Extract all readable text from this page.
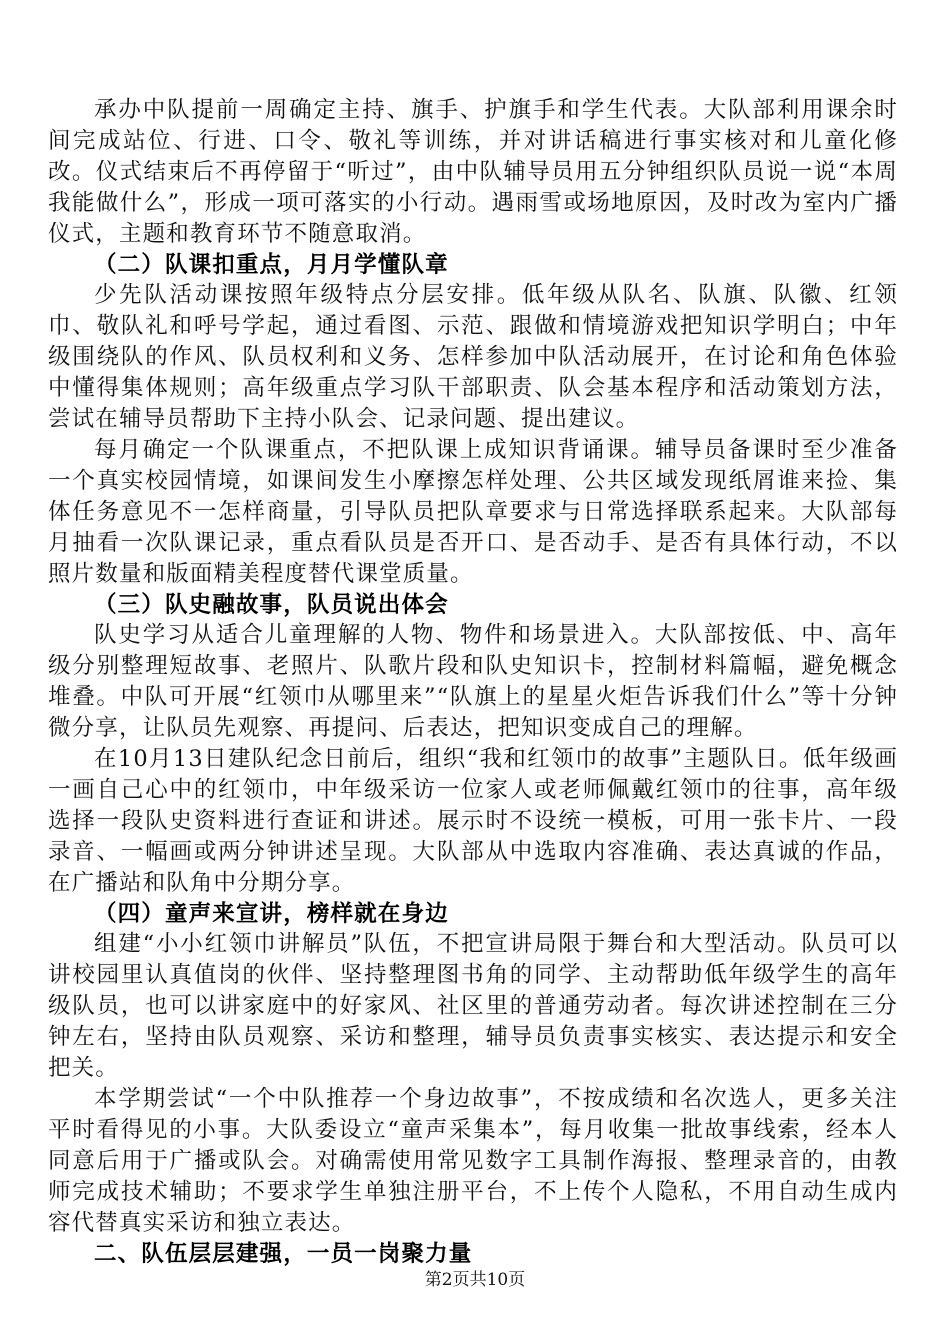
承办中队提前一周确定主持、旗手、护旗手和学生代表。大队部利用课余时间完成站位、行进、口令、敬礼等训练，并对讲话稿进行事实核对和儿童化修改。仪式结束后不再停留于“听过”，由中队辅导员用五分钟组织队员说一说“本周我能做什么”，形成一项可落实的小行动。遇雨雪或场地原因，及时改为室内广播仪式，主题和教育环节不随意取消。

（二）队课扣重点，月月学懂队章

少先队活动课按照年级特点分层安排。低年级从队名、队旗、队徽、红领巾、敬队礼和呼号学起，通过看图、示范、跟做和情境游戏把知识学明白；中年级围绕队的作风、队员权利和义务、怎样参加中队活动展开，在讨论和角色体验中懂得集体规则；高年级重点学习队干部职责、队会基本程序和活动策划方法，尝试在辅导员帮助下主持小队会、记录问题、提出建议。

每月确定一个队课重点，不把队课上成知识背诵课。辅导员备课时至少准备一个真实校园情境，如课间发生小摩擦怎样处理、公共区域发现纸屑谁来捡、集体任务意见不一怎样商量，引导队员把队章要求与日常选择联系起来。大队部每月抽看一次队课记录，重点看队员是否开口、是否动手、是否有具体行动，不以照片数量和版面精美程度替代课堂质量。

（三）队史融故事，队员说出体会

队史学习从适合儿童理解的人物、物件和场景进入。大队部按低、中、高年级分别整理短故事、老照片、队歌片段和队史知识卡，控制材料篇幅，避免概念堆叠。中队可开展“红领巾从哪里来”“队旗上的星星火炬告诉我们什么”等十分钟微分享，让队员先观察、再提问、后表达，把知识变成自己的理解。

在10月13日建队纪念日前后，组织“我和红领巾的故事”主题队日。低年级画一画自己心中的红领巾，中年级采访一位家人或老师佩戴红领巾的往事，高年级选择一段队史资料进行查证和讲述。展示时不设统一模板，可用一张卡片、一段录音、一幅画或两分钟讲述呈现。大队部从中选取内容准确、表达真诚的作品，在广播站和队角中分期分享。

（四）童声来宣讲，榜样就在身边

组建“小小红领巾讲解员”队伍，不把宣讲局限于舞台和大型活动。队员可以讲校园里认真值岗的伙伴、坚持整理图书角的同学、主动帮助低年级学生的高年级队员，也可以讲家庭中的好家风、社区里的普通劳动者。每次讲述控制在三分钟左右，坚持由队员观察、采访和整理，辅导员负责事实核实、表达提示和安全把关。

本学期尝试“一个中队推荐一个身边故事”，不按成绩和名次选人，更多关注平时看得见的小事。大队委设立“童声采集本”，每月收集一批故事线索，经本人同意后用于广播或队会。对确需使用常见数字工具制作海报、整理录音的，由教师完成技术辅助；不要求学生单独注册平台，不上传个人隐私，不用自动生成内容代替真实采访和独立表达。

二、队伍层层建强，一员一岗聚力量

第2页共10页
